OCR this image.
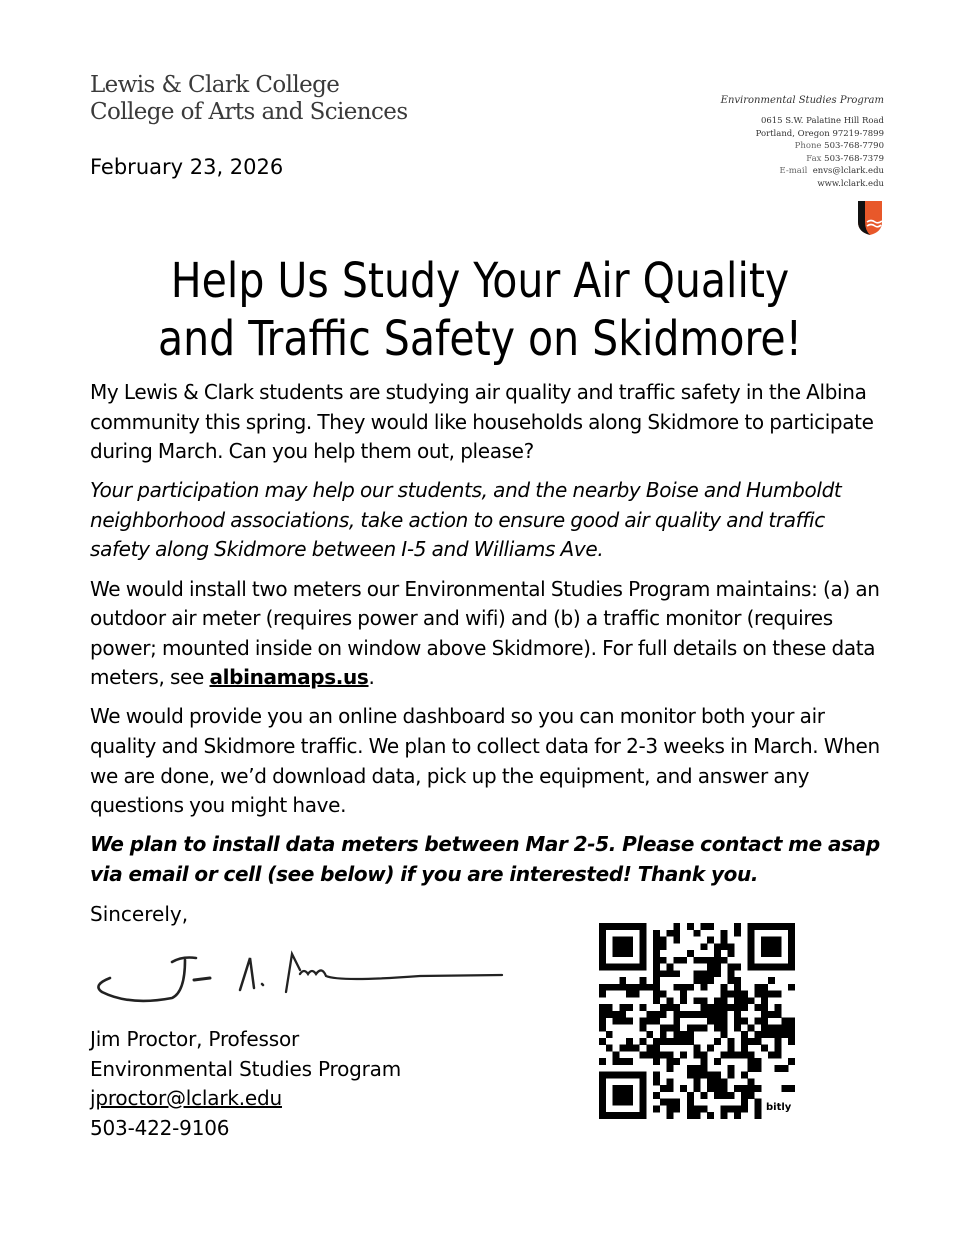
Lewis & Clark College
College of Arts and Sciences	Environmental Studies Program
0615 S.W. Palatine Hill Road
Portland, Oregon 97219-7899
Phone 503-768-7790
Fax 503-768-7379
E-mail envs@lclark.edu
www.lclark.edu
February 23, 2026
Help Us Study Your Air Quality
and Traffic Safety on Skidmore!

My Lewis & Clark students are studying air quality and traffic safety in the Albina community this spring. They would like households along Skidmore to participate during March. Can you help them out, please?

Your participation may help our students, and the nearby Boise and Humboldt neighborhood associations, take action to ensure good air quality and traffic safety along Skidmore between I-5 and Williams Ave.

We would install two meters our Environmental Studies Program maintains: (a) an outdoor air meter (requires power and wifi) and (b) a traffic monitor (requires power; mounted inside on window above Skidmore). For full details on these data meters, see albinamaps.us.

We would provide you an online dashboard so you can monitor both your air quality and Skidmore traffic. We plan to collect data for 2-3 weeks in March. When we are done, we’d download data, pick up the equipment, and answer any questions you might have.

We plan to install data meters between Mar 2-5. Please contact me asap via email or cell (see below) if you are interested! Thank you.

Sincerely,
Jim Proctor, Professor
Environmental Studies Program
jproctor@lclark.edu
503-422-9106
bitly
